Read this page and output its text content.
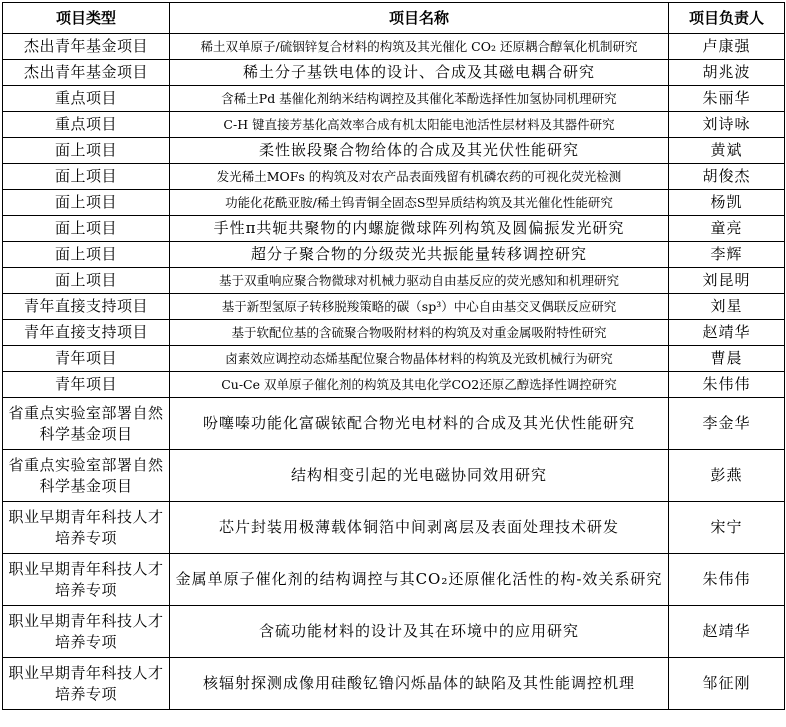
项目类型	项目名称	项目负责人
杰出青年基金项目	稀土双单原子/硫铟锌复合材料的构筑及其光催化 CO₂ 还原耦合醇氧化机制研究	卢康强
杰出青年基金项目	稀土分子基铁电体的设计、合成及其磁电耦合研究	胡兆波
重点项目	含稀土Pd 基催化剂纳米结构调控及其催化苯酚选择性加氢协同机理研究	朱丽华
重点项目	C-H 键直接芳基化高效率合成有机太阳能电池活性层材料及其器件研究	刘诗咏
面上项目	柔性嵌段聚合物给体的合成及其光伏性能研究	黄斌
面上项目	发光稀土MOFs 的构筑及对农产品表面残留有机磷农药的可视化荧光检测	胡俊杰
面上项目	功能化花酰亚胺/稀土钨青铜全固态S型异质结构筑及其光催化性能研究	杨凯
面上项目	手性π共轭共聚物的内螺旋微球阵列构筑及圆偏振发光研究	童亮
面上项目	超分子聚合物的分级荧光共振能量转移调控研究	李辉
面上项目	基于双重响应聚合物微球对机械力驱动自由基反应的荧光感知和机理研究	刘昆明
青年直接支持项目	基于新型氢原子转移脱羧策略的碳（sp³）中心自由基交叉偶联反应研究	刘星
青年直接支持项目	基于软配位基的含硫聚合物吸附材料的构筑及对重金属吸附特性研究	赵靖华
青年项目	卤素效应调控动态烯基配位聚合物晶体材料的构筑及光致机械行为研究	曹晨
青年项目	Cu-Ce 双单原子催化剂的构筑及其电化学CO2还原乙醇选择性调控研究	朱伟伟
省重点实验室部署自然科学基金项目	吩噻嗪功能化富碳铱配合物光电材料的合成及其光伏性能研究	李金华
省重点实验室部署自然科学基金项目	结构相变引起的光电磁协同效用研究	彭燕
职业早期青年科技人才培养专项	芯片封装用极薄载体铜箔中间剥离层及表面处理技术研发	宋宁
职业早期青年科技人才培养专项	金属单原子催化剂的结构调控与其CO₂还原催化活性的构-效关系研究	朱伟伟
职业早期青年科技人才培养专项	含硫功能材料的设计及其在环境中的应用研究	赵靖华
职业早期青年科技人才培养专项	核辐射探测成像用硅酸钇镥闪烁晶体的缺陷及其性能调控机理	邹征刚
